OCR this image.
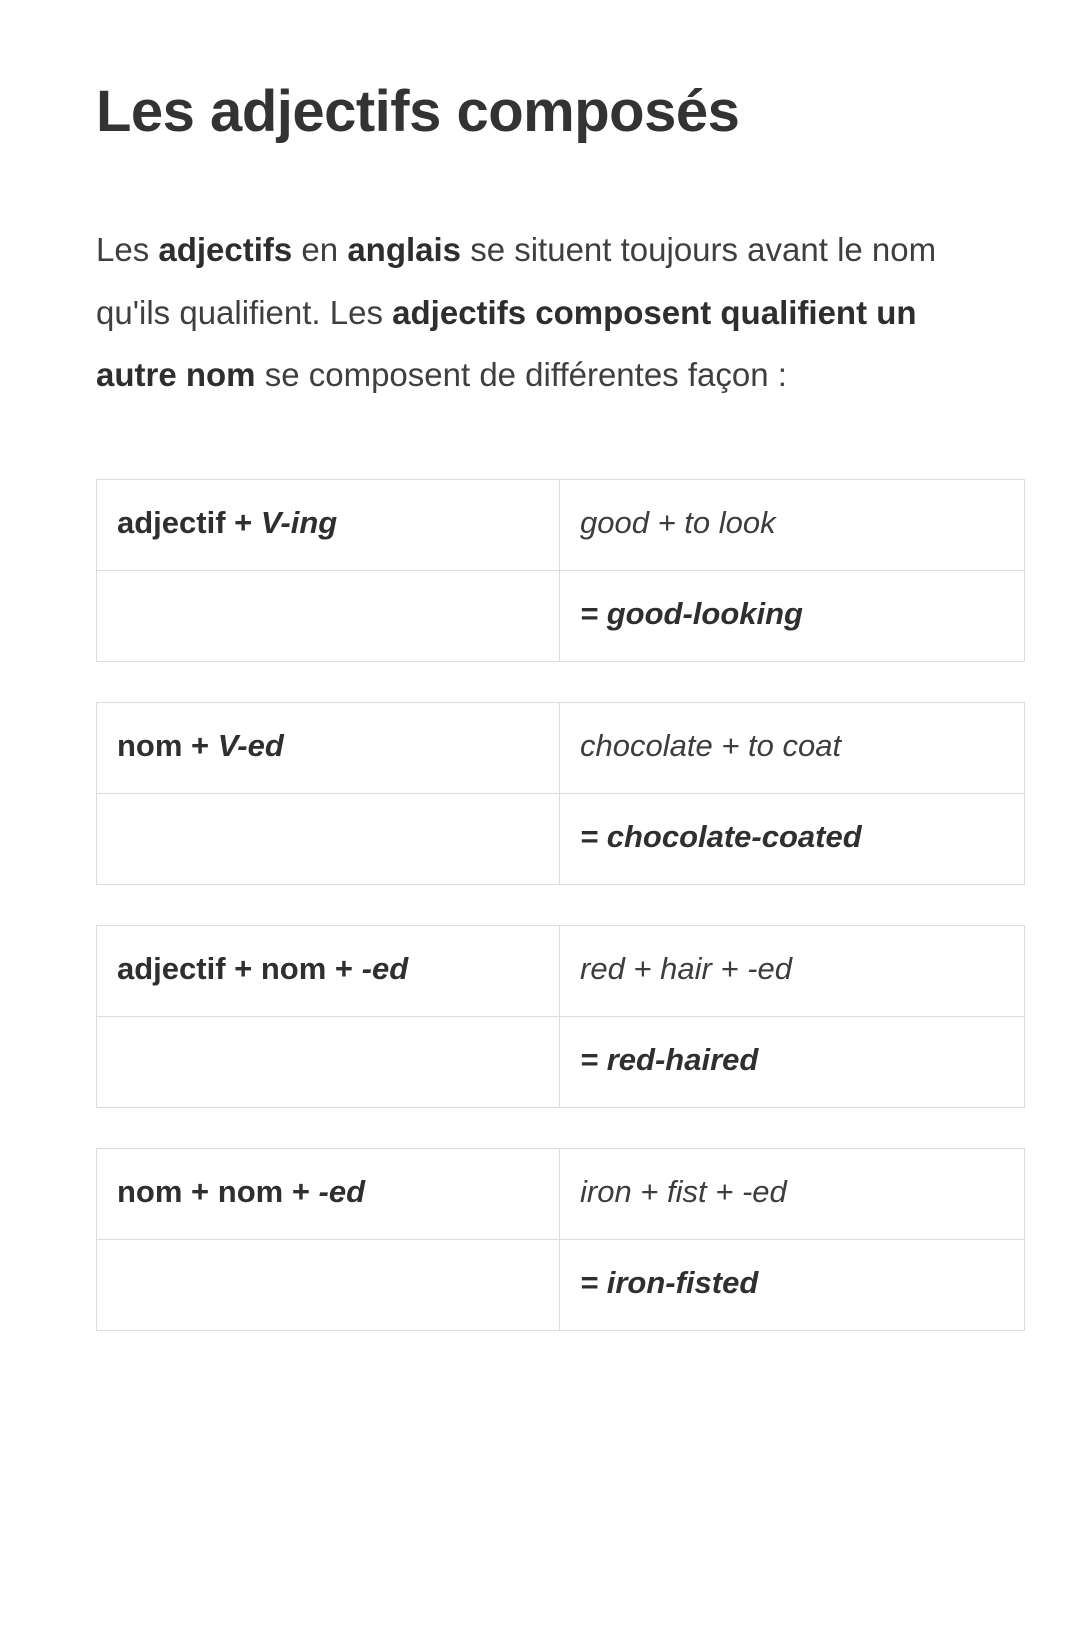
Les adjectifs composés

Les adjectifs en anglais se situent toujours avant le nom qu'ils qualifient. Les adjectifs composent qualifient un autre nom se composent de différentes façon :

adjectif + V-ing	good + to look
	= good-looking
nom + V-ed	chocolate + to coat
	= chocolate-coated
adjectif + nom + -ed	red + hair + -ed
	= red-haired
nom + nom + -ed	iron + fist + -ed
	= iron-fisted
